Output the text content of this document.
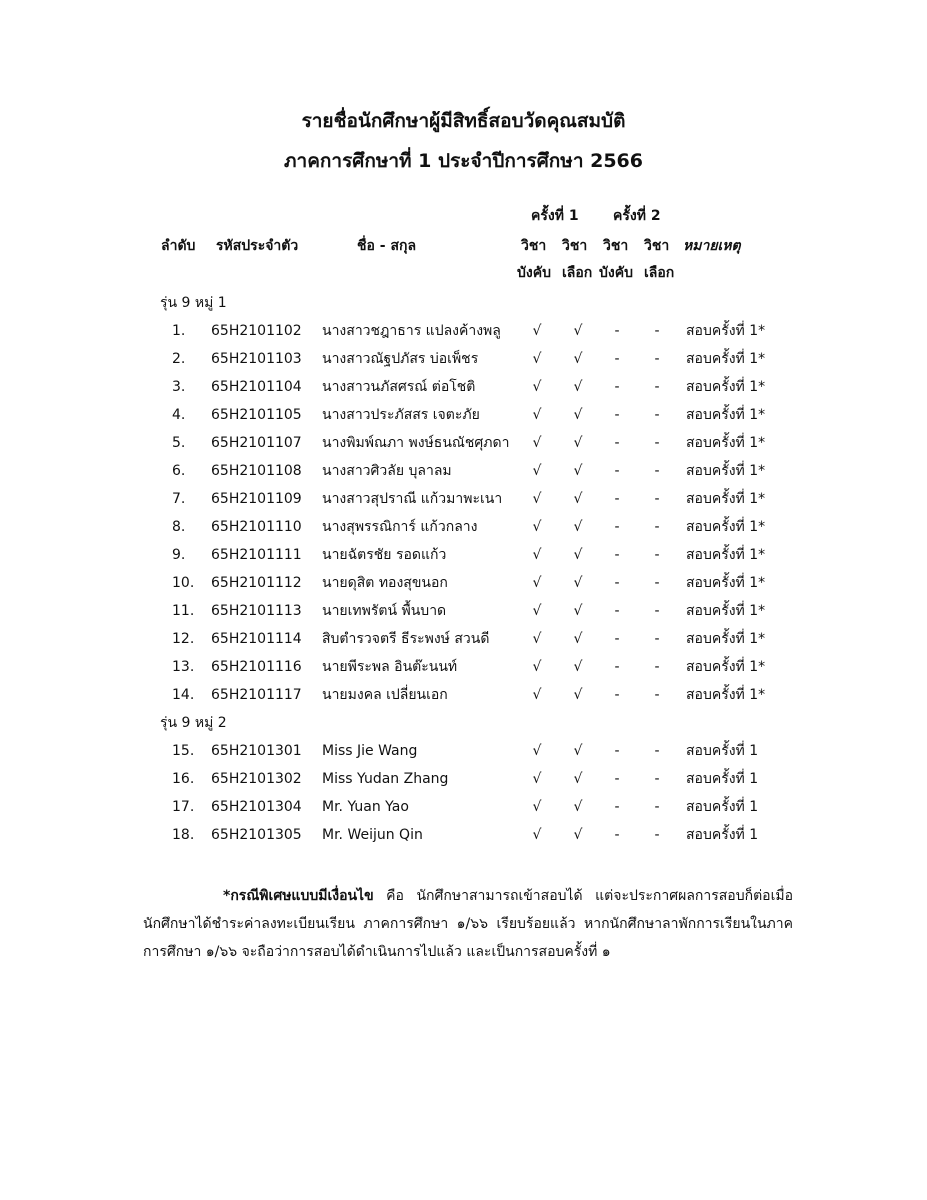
รายชื่อนักศึกษาผู้มีสิทธิ์สอบวัดคุณสมบัติ
ภาคการศึกษาที่ 1 ประจำปีการศึกษา 2566
ครั้งที่ 1 ครั้งที่ 2
ลำดับ รหัสประจำตัว	ชื่อ - สกุล	วิชา วิชา วิชา วิชา หมายเหตุ
บังคับ เลือก บังคับ เลือก
รุ่น 9 หมู่ 1
1.	65H2101102	นางสาวชฎาธาร แปลงค้างพลู	√	√	-	-	สอบครั้งที่ 1*
2.	65H2101103	นางสาวณัฐปภัสร บ่อเพ็ชร	√	√	-	-	สอบครั้งที่ 1*
3.	65H2101104	นางสาวนภัสศรณ์ ต่อโชติ	√	√	-	-	สอบครั้งที่ 1*
4.	65H2101105	นางสาวประภัสสร เจตะภัย	√	√	-	-	สอบครั้งที่ 1*
5.	65H2101107	นางพิมพ์ณภา พงษ์ธนณัชศุภดา	√	√	-	-	สอบครั้งที่ 1*
6.	65H2101108	นางสาวศิวลัย บุลาลม	√	√	-	-	สอบครั้งที่ 1*
7.	65H2101109	นางสาวสุปราณี แก้วมาพะเนา	√	√	-	-	สอบครั้งที่ 1*
8.	65H2101110	นางสุพรรณิการ์ แก้วกลาง	√	√	-	-	สอบครั้งที่ 1*
9.	65H2101111	นายฉัตรชัย รอดแก้ว	√	√	-	-	สอบครั้งที่ 1*
10. 65H2101112	นายดุสิต ทองสุขนอก	√	√	-	-	สอบครั้งที่ 1*
11. 65H2101113	นายเทพรัตน์ พื้นบาด	√	√	-	-	สอบครั้งที่ 1*
12. 65H2101114	สิบตำรวจตรี ธีระพงษ์ สวนดี	√	√	-	-	สอบครั้งที่ 1*
13. 65H2101116	นายพีระพล อินต๊ะนนท์	√	√	-	-	สอบครั้งที่ 1*
14. 65H2101117	นายมงคล เปลี่ยนเอก	√	√	-	-	สอบครั้งที่ 1*
รุ่น 9 หมู่ 2
15. 65H2101301	Miss Jie Wang	√	√	-	-	สอบครั้งที่ 1
16. 65H2101302	Miss Yudan Zhang	√	√	-	-	สอบครั้งที่ 1
17. 65H2101304	Mr. Yuan Yao	√	√	-	-	สอบครั้งที่ 1
18. 65H2101305	Mr. Weijun Qin	√	√	-	-	สอบครั้งที่ 1
*กรณีพิเศษแบบมีเงื่อนไข คือ นักศึกษาสามารถเข้าสอบได้ แต่จะประกาศผลการสอบก็ต่อเมื่อนักศึกษาได้ชำระค่าลงทะเบียนเรียน ภาคการศึกษา ๑/๖๖ เรียบร้อยแล้ว หากนักศึกษาลาพักการเรียนในภาคการศึกษา ๑/๖๖ จะถือว่าการสอบได้ดำเนินการไปแล้ว และเป็นการสอบครั้งที่ ๑
